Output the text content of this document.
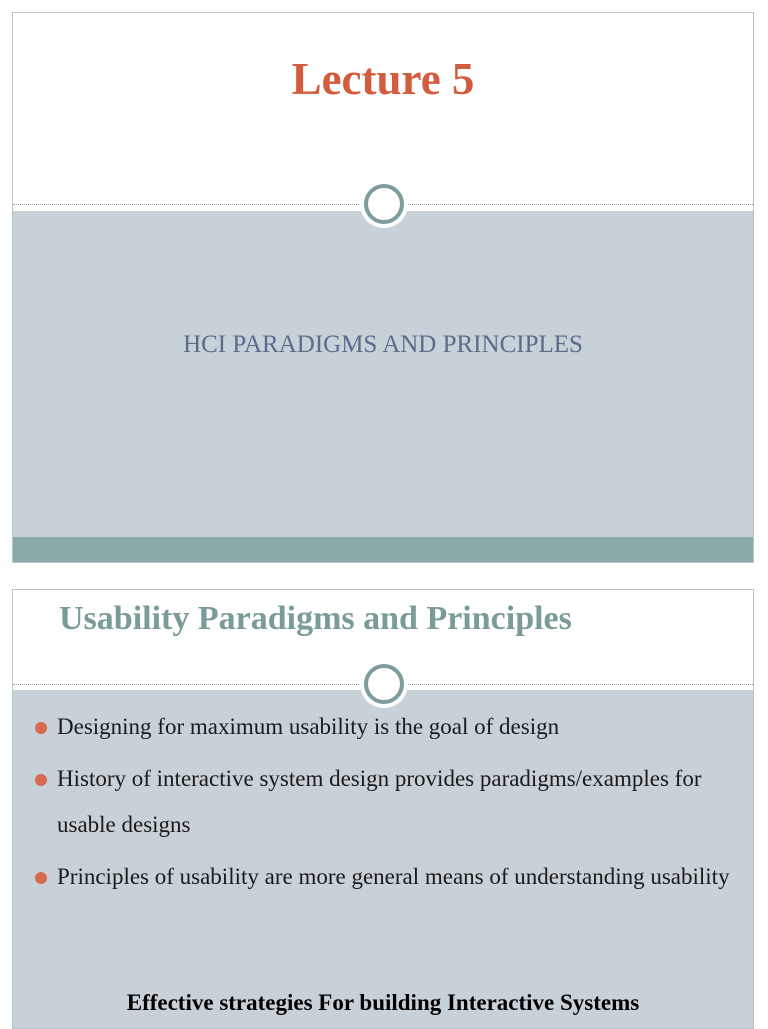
Lecture 5
HCI PARADIGMS AND PRINCIPLES
Usability Paradigms and Principles
Designing for maximum usability is the goal of design
History of interactive system design provides paradigms/examples for usable designs
Principles of usability are more general means of understanding usability
Effective strategies For building Interactive Systems
